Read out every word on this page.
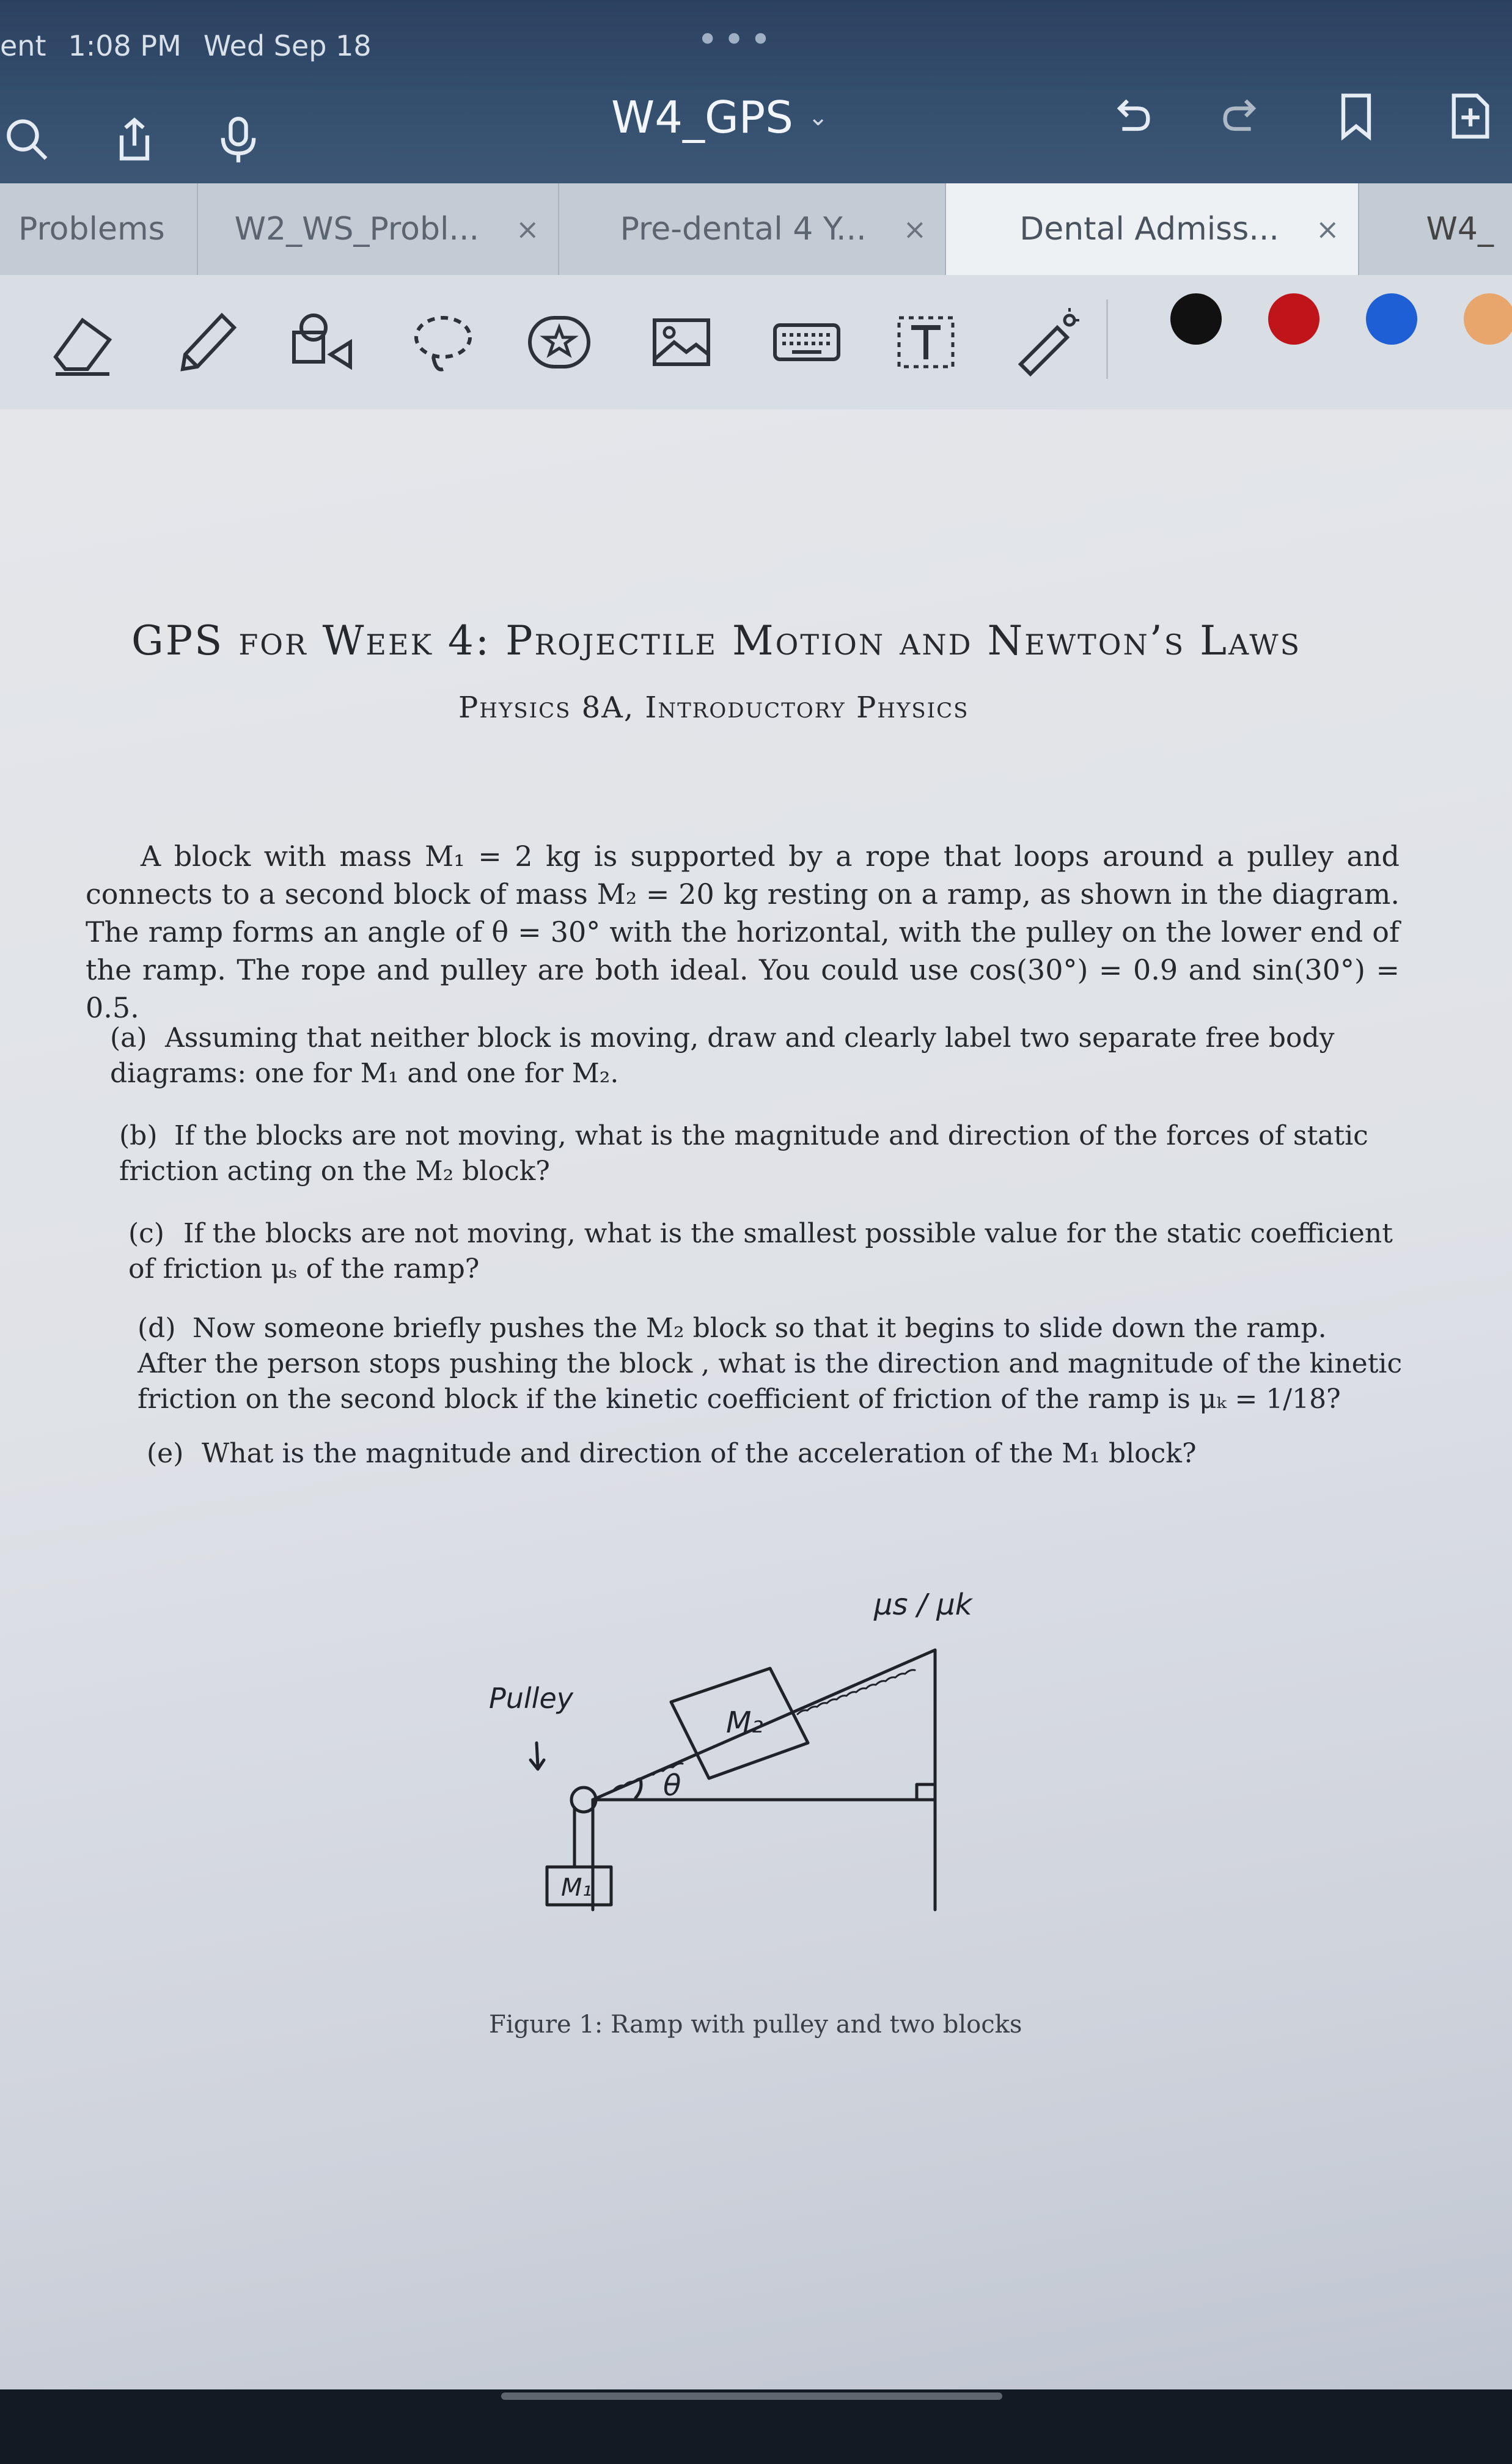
ent 1:08 PM Wed Sep 18	•••
W4_GPS ⌄
Problems W2_WS_Probl... ×	Pre-dental 4 Y... ×	Dental Admiss... ×	W4_
GPS for Week 4: Projectile Motion and Newton’s Laws
Physics 8A, Introductory Physics
A block with mass M₁ = 2 kg is supported by a rope that loops around a pulley and connects to a second block of mass M₂ = 20 kg resting on a ramp, as shown in the diagram. The ramp forms an angle of θ = 30° with the horizontal, with the pulley on the lower end of the ramp. The rope and pulley are both ideal. You could use cos(30°) = 0.9 and sin(30°) = 0.5.
(a) Assuming that neither block is moving, draw and clearly label two separate free body diagrams: one for M₁ and one for M₂.
(b) If the blocks are not moving, what is the magnitude and direction of the forces of static friction acting on the M₂ block?
(c) If the blocks are not moving, what is the smallest possible value for the static coefficient of friction μₛ of the ramp?
(d) Now someone briefly pushes the M₂ block so that it begins to slide down the ramp. After the person stops pushing the block , what is the direction and magnitude of the kinetic friction on the second block if the kinetic coefficient of friction of the ramp is μₖ = 1/18?
(e) What is the magnitude and direction of the acceleration of the M₁ block?
Pulley
M₁
M₂
θ
μs / μk
Figure 1: Ramp with pulley and two blocks
